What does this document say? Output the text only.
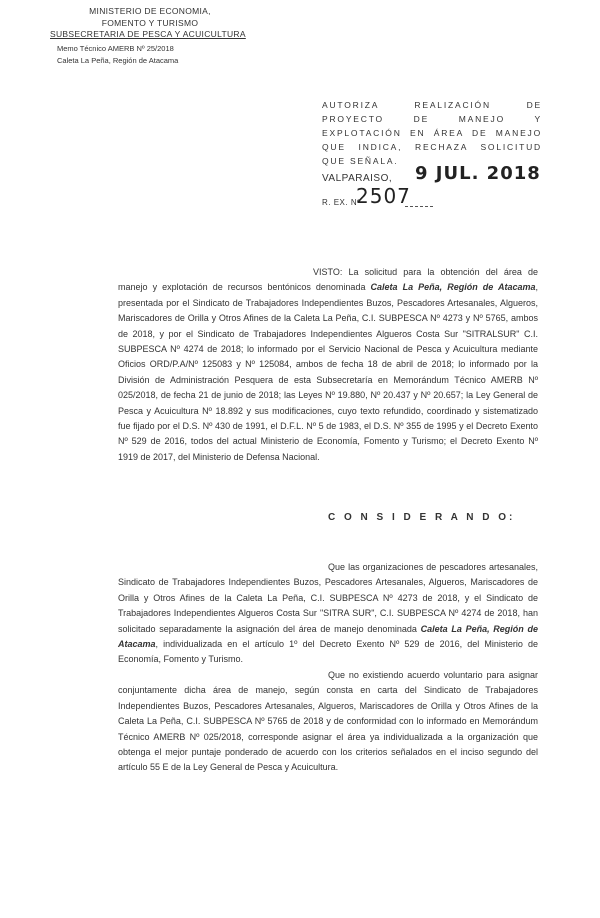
MINISTERIO DE ECONOMIA,
FOMENTO Y TURISMO
SUBSECRETARIA DE PESCA Y ACUICULTURA
Memo Técnico AMERB Nº 25/2018
Caleta La Peña, Región de Atacama
AUTORIZA REALIZACIÓN DE PROYECTO DE MANEJO Y EXPLOTACIÓN EN ÁREA DE MANEJO QUE INDICA, RECHAZA SOLICITUD QUE SEÑALA.
VALPARAISO, 9 JUL. 2018
R. EX. Nº
2507
VISTO: La solicitud para la obtención del área de manejo y explotación de recursos bentónicos denominada Caleta La Peña, Región de Atacama, presentada por el Sindicato de Trabajadores Independientes Buzos, Pescadores Artesanales, Algueros, Mariscadores de Orilla y Otros Afines de la Caleta La Peña, C.I. SUBPESCA Nº 4273 y Nº 5765, ambos de 2018, y por el Sindicato de Trabajadores Independientes Algueros Costa Sur "SITRALSUR" C.I. SUBPESCA Nº 4274 de 2018; lo informado por el Servicio Nacional de Pesca y Acuicultura mediante Oficios ORD/P.A/Nº 125083 y Nº 125084, ambos de fecha 18 de abril de 2018; lo informado por la División de Administración Pesquera de esta Subsecretaría en Memorándum Técnico AMERB Nº 025/2018, de fecha 21 de junio de 2018; las Leyes Nº 19.880, Nº 20.437 y Nº 20.657; la Ley General de Pesca y Acuicultura Nº 18.892 y sus modificaciones, cuyo texto refundido, coordinado y sistematizado fue fijado por el D.S. Nº 430 de 1991, el D.F.L. Nº 5 de 1983, el D.S. Nº 355 de 1995 y el Decreto Exento Nº 529 de 2016, todos del actual Ministerio de Economía, Fomento y Turismo; el Decreto Exento Nº 1919 de 2017, del Ministerio de Defensa Nacional.
C O N S I D E R A N D O:
Que las organizaciones de pescadores artesanales, Sindicato de Trabajadores Independientes Buzos, Pescadores Artesanales, Algueros, Mariscadores de Orilla y Otros Afines de la Caleta La Peña, C.I. SUBPESCA Nº 4273 de 2018, y el Sindicato de Trabajadores Independientes Algueros Costa Sur "SITRA SUR", C.I. SUBPESCA Nº 4274 de 2018, han solicitado separadamente la asignación del área de manejo denominada Caleta La Peña, Región de Atacama, individualizada en el artículo 1º del Decreto Exento Nº 529 de 2016, del Ministerio de Economía, Fomento y Turismo.
Que no existiendo acuerdo voluntario para asignar conjuntamente dicha área de manejo, según consta en carta del Sindicato de Trabajadores Independientes Buzos, Pescadores Artesanales, Algueros, Mariscadores de Orilla y Otros Afines de la Caleta La Peña, C.I. SUBPESCA Nº 5765 de 2018 y de conformidad con lo informado en Memorándum Técnico AMERB Nº 025/2018, corresponde asignar el área ya individualizada a la organización que obtenga el mejor puntaje ponderado de acuerdo con los criterios señalados en el inciso segundo del artículo 55 E de la Ley General de Pesca y Acuicultura.
